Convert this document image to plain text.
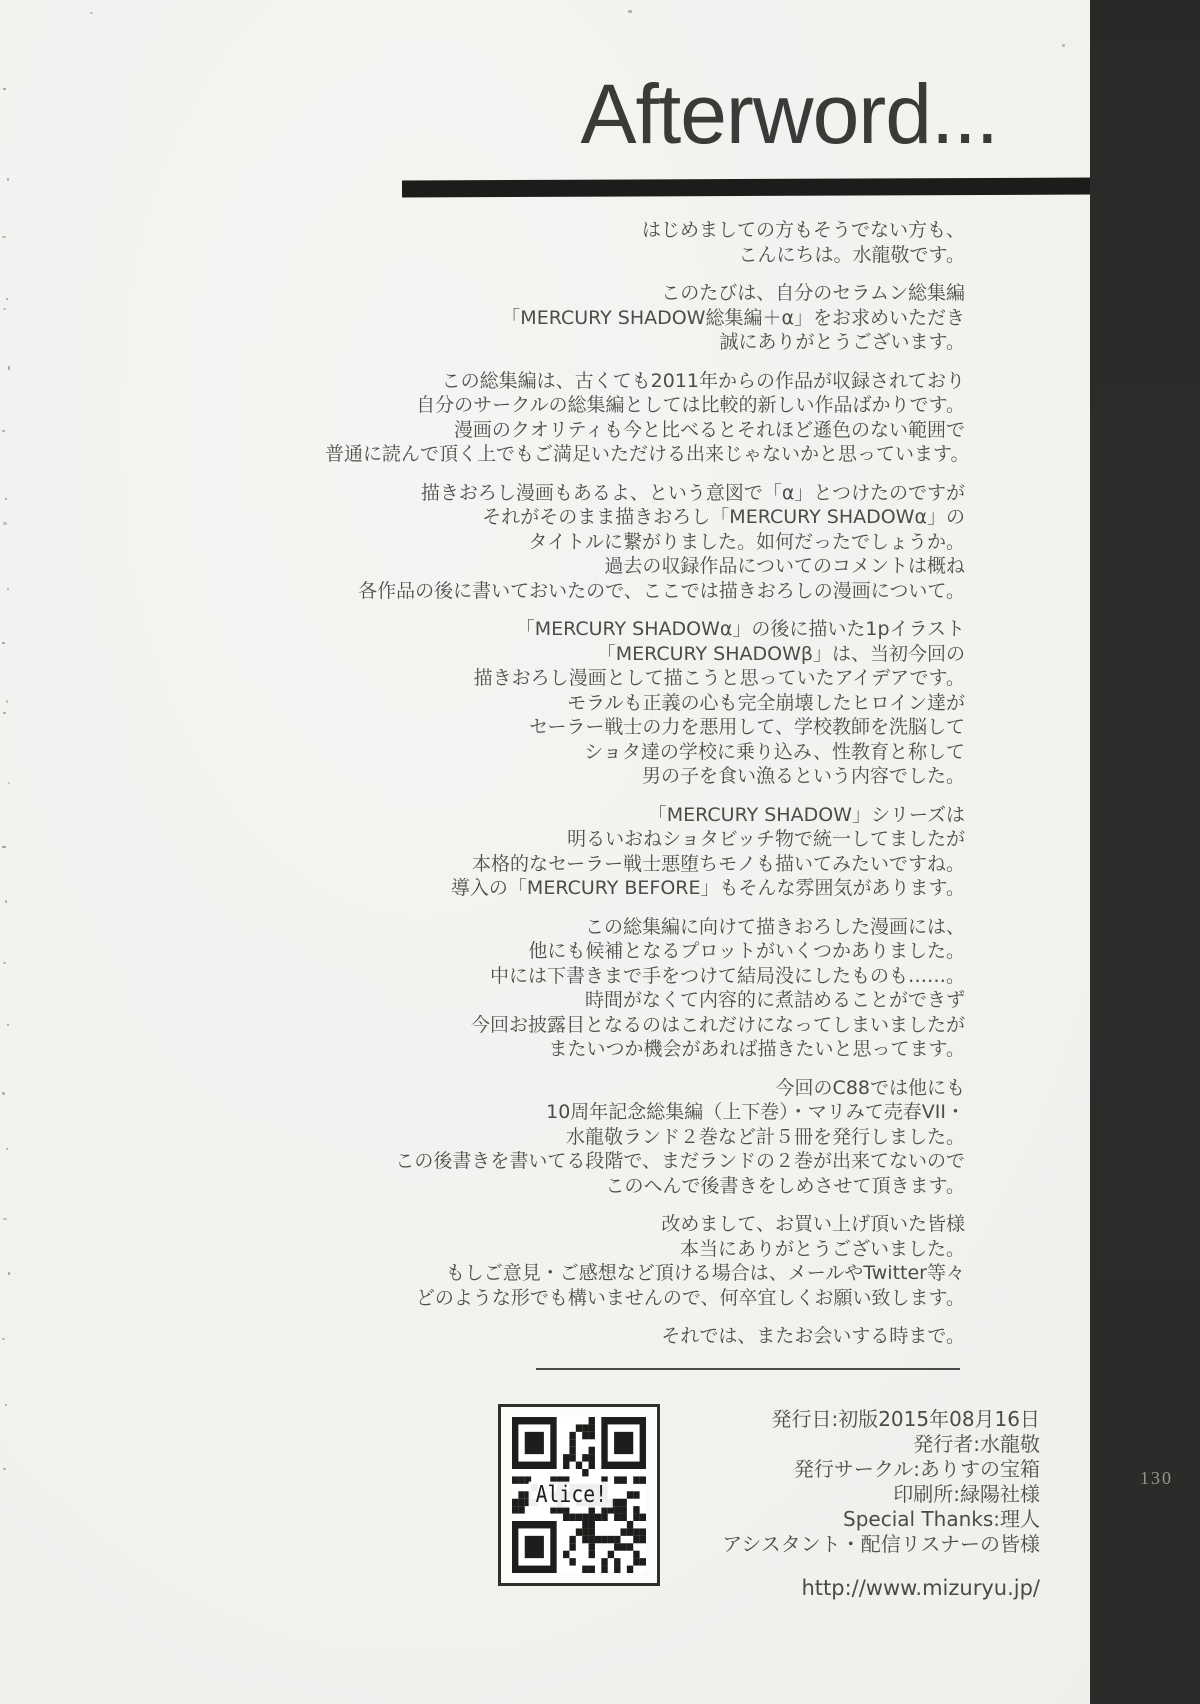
Afterword...
はじめましての方もそうでない方も、
こんにちは。水龍敬です。
このたびは、自分のセラムン総集編
「MERCURY SHADOW総集編＋α」をお求めいただき
誠にありがとうございます。
この総集編は、古くても2011年からの作品が収録されており
自分のサークルの総集編としては比較的新しい作品ばかりです。
漫画のクオリティも今と比べるとそれほど遜色のない範囲で
普通に読んで頂く上でもご満足いただける出来じゃないかと思っています。
描きおろし漫画もあるよ、という意図で「α」とつけたのですが
それがそのまま描きおろし「MERCURY SHADOWα」の
タイトルに繋がりました。如何だったでしょうか。
過去の収録作品についてのコメントは概ね
各作品の後に書いておいたので、ここでは描きおろしの漫画について。
「MERCURY SHADOWα」の後に描いた1pイラスト
「MERCURY SHADOWβ」は、当初今回の
描きおろし漫画として描こうと思っていたアイデアです。
モラルも正義の心も完全崩壊したヒロイン達が
セーラー戦士の力を悪用して、学校教師を洗脳して
ショタ達の学校に乗り込み、性教育と称して
男の子を食い漁るという内容でした。
「MERCURY SHADOW」シリーズは
明るいおねショタビッチ物で統一してましたが
本格的なセーラー戦士悪堕ちモノも描いてみたいですね。
導入の「MERCURY BEFORE」もそんな雰囲気があります。
この総集編に向けて描きおろした漫画には、
他にも候補となるプロットがいくつかありました。
中には下書きまで手をつけて結局没にしたものも……。
時間がなくて内容的に煮詰めることができず
今回お披露目となるのはこれだけになってしまいましたが
またいつか機会があれば描きたいと思ってます。
今回のC88では他にも
10周年記念総集編（上下巻）・マリみて売春VII・
水龍敬ランド２巻など計５冊を発行しました。
この後書きを書いてる段階で、まだランドの２巻が出来てないので
このへんで後書きをしめさせて頂きます。
改めまして、お買い上げ頂いた皆様
本当にありがとうございました。
もしご意見・ご感想など頂ける場合は、メールやTwitter等々
どのような形でも構いませんので、何卒宜しくお願い致します。
それでは、またお会いする時まで。
Alice!
発行日:初版2015年08月16日
発行者:水龍敬
発行サークル:ありすの宝箱
印刷所:緑陽社様
Special Thanks:理人
アシスタント・配信リスナーの皆様
http://www.mizuryu.jp/
130
